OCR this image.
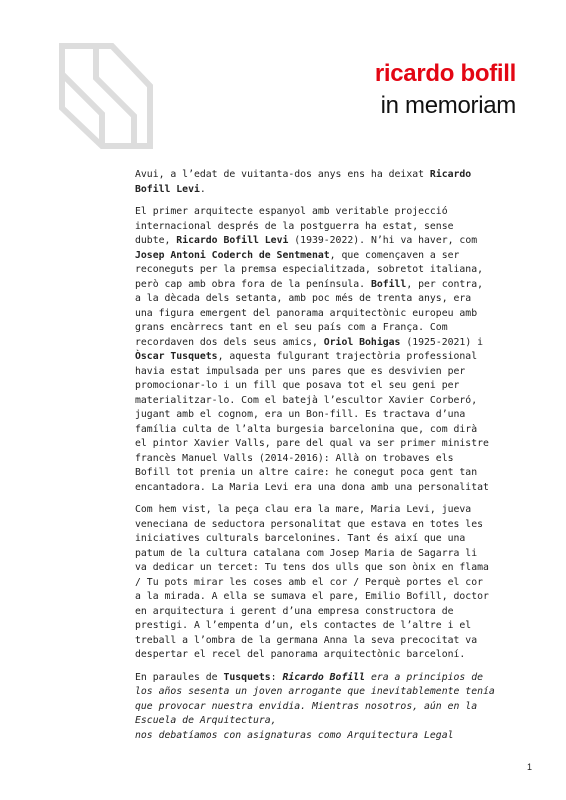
ricardo bofill
in memoriam

Avui, a l’edat de vuitanta-dos anys ens ha deixat Ricardo
Bofill Levi.

El primer arquitecte espanyol amb veritable projecció
internacional després de la postguerra ha estat, sense
dubte, Ricardo Bofill Levi (1939-2022). N’hi va haver, com
Josep Antoni Coderch de Sentmenat, que començaven a ser
reconeguts per la premsa especialitzada, sobretot italiana,
però cap amb obra fora de la península. Bofill, per contra,
a la dècada dels setanta, amb poc més de trenta anys, era
una figura emergent del panorama arquitectònic europeu amb
grans encàrrecs tant en el seu país com a França. Com
recordaven dos dels seus amics, Oriol Bohigas (1925-2021) i
Òscar Tusquets, aquesta fulgurant trajectòria professional
havia estat impulsada per uns pares que es desvivien per
promocionar-lo i un fill que posava tot el seu geni per
materialitzar-lo. Com el batejà l’escultor Xavier Corberó,
jugant amb el cognom, era un Bon-fill. Es tractava d’una
família culta de l’alta burgesia barcelonina que, com dirà
el pintor Xavier Valls, pare del qual va ser primer ministre
francès Manuel Valls (2014-2016): Allà on trobaves els
Bofill tot prenia un altre caire: he conegut poca gent tan
encantadora. La Maria Levi era una dona amb una personalitat

Com hem vist, la peça clau era la mare, Maria Levi, jueva
veneciana de seductora personalitat que estava en totes les
iniciatives culturals barcelonines. Tant és així que una
patum de la cultura catalana com Josep Maria de Sagarra li
va dedicar un tercet: Tu tens dos ulls que son ònix en flama
/ Tu pots mirar les coses amb el cor / Perquè portes el cor
a la mirada. A ella se sumava el pare, Emilio Bofill, doctor
en arquitectura i gerent d’una empresa constructora de
prestigi. A l’empenta d’un, els contactes de l’altre i el
treball a l’ombra de la germana Anna la seva precocitat va
despertar el recel del panorama arquitectònic barceloní.

En paraules de Tusquets: Ricardo Bofill era a principios de
los años sesenta un joven arrogante que inevitablemente tenía
que provocar nuestra envidia. Mientras nosotros, aún en la
Escuela de Arquitectura,
nos debatíamos con asignaturas como Arquitectura Legal

1
